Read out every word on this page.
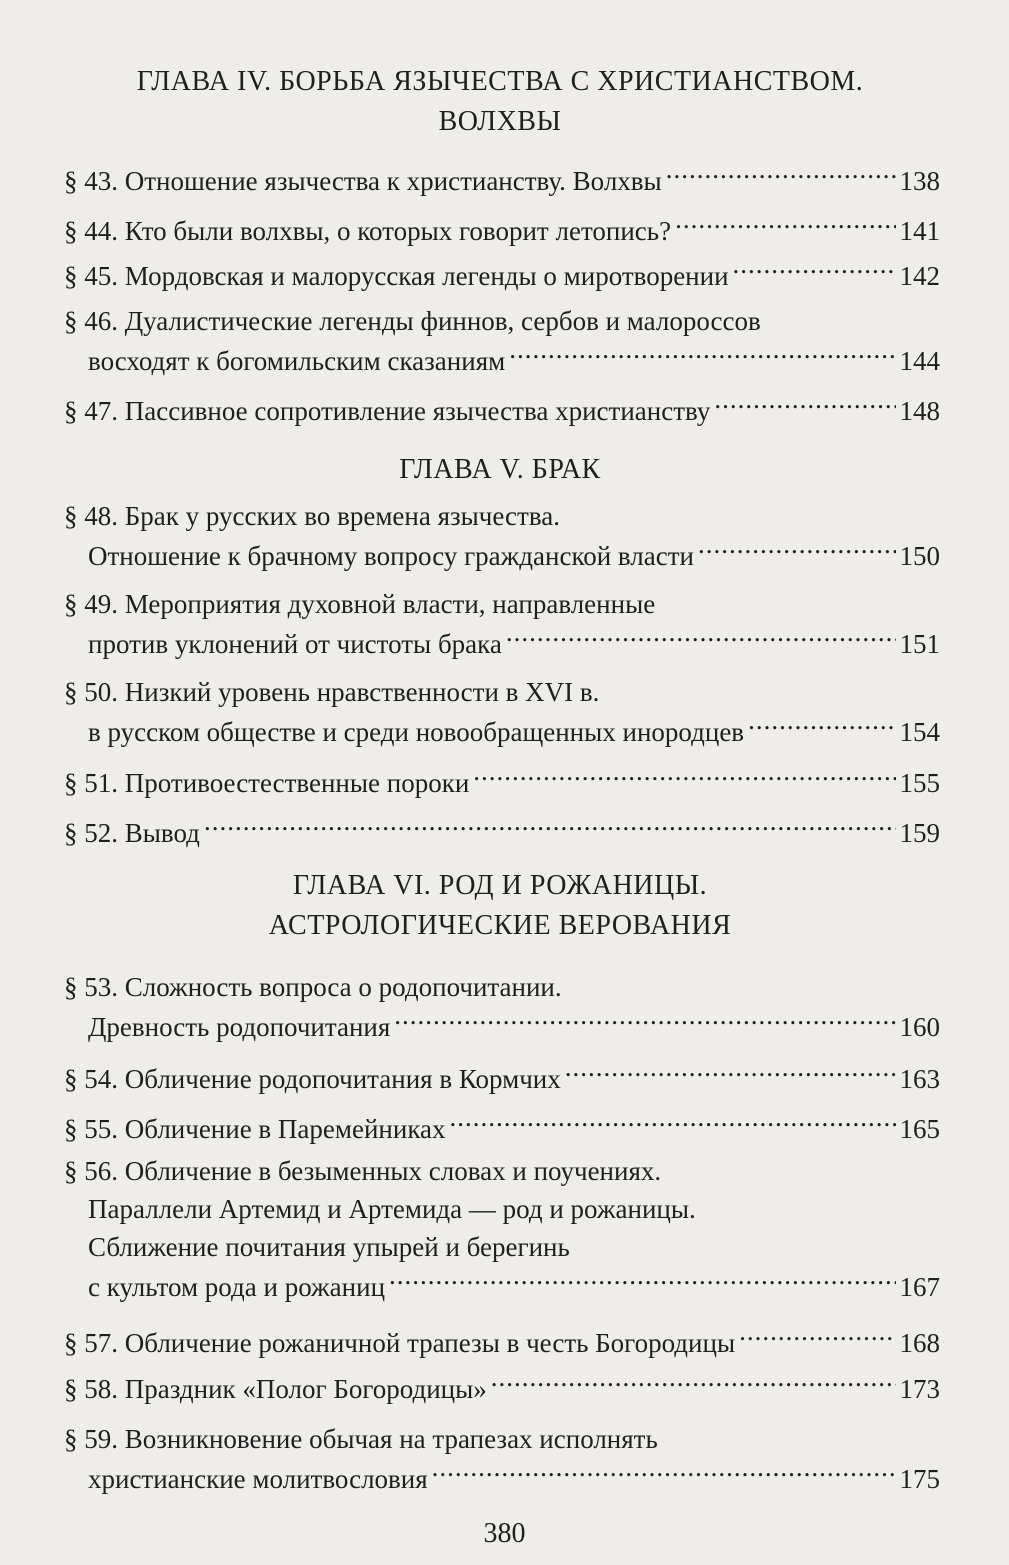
ГЛАВА IV. БОРЬБА ЯЗЫЧЕСТВА С ХРИСТИАНСТВОМ.
ВОЛХВЫ
§ 43. Отношение язычества к христианству. Волхвы .....	138
§ 44. Кто были волхвы, о которых говорит летопись? .....	141
§ 45. Мордовская и малорусская легенды о миротворении .....	142
§ 46. Дуалистические легенды финнов, сербов и малороссов
восходят к богомильским сказаниям .....	144
§ 47. Пассивное сопротивление язычества христианству .....	148
ГЛАВА V. БРАК
§ 48. Брак у русских во времена язычества.
Отношение к брачному вопросу гражданской власти .....	150
§ 49. Мероприятия духовной власти, направленные
против уклонений от чистоты брака .....	151
§ 50. Низкий уровень нравственности в XVI в.
в русском обществе и среди новообращенных инородцев .....	154
§ 51. Противоестественные пороки .....	155
§ 52. Вывод .....	159
ГЛАВА VI. РОД И РОЖАНИЦЫ.
АСТРОЛОГИЧЕСКИЕ ВЕРОВАНИЯ
§ 53. Сложность вопроса о родопочитании.
Древность родопочитания .....	160
§ 54. Обличение родопочитания в Кормчих .....	163
§ 55. Обличение в Паремейниках .....	165
§ 56. Обличение в безыменных словах и поучениях.
Параллели Артемид и Артемида — род и рожаницы.
Сближение почитания упырей и берегинь
с культом рода и рожаниц .....	167
§ 57. Обличение рожаничной трапезы в честь Богородицы .....	168
§ 58. Праздник «Полог Богородицы» .....	173
§ 59. Возникновение обычая на трапезах исполнять
христианские молитвословия .....	175
380
